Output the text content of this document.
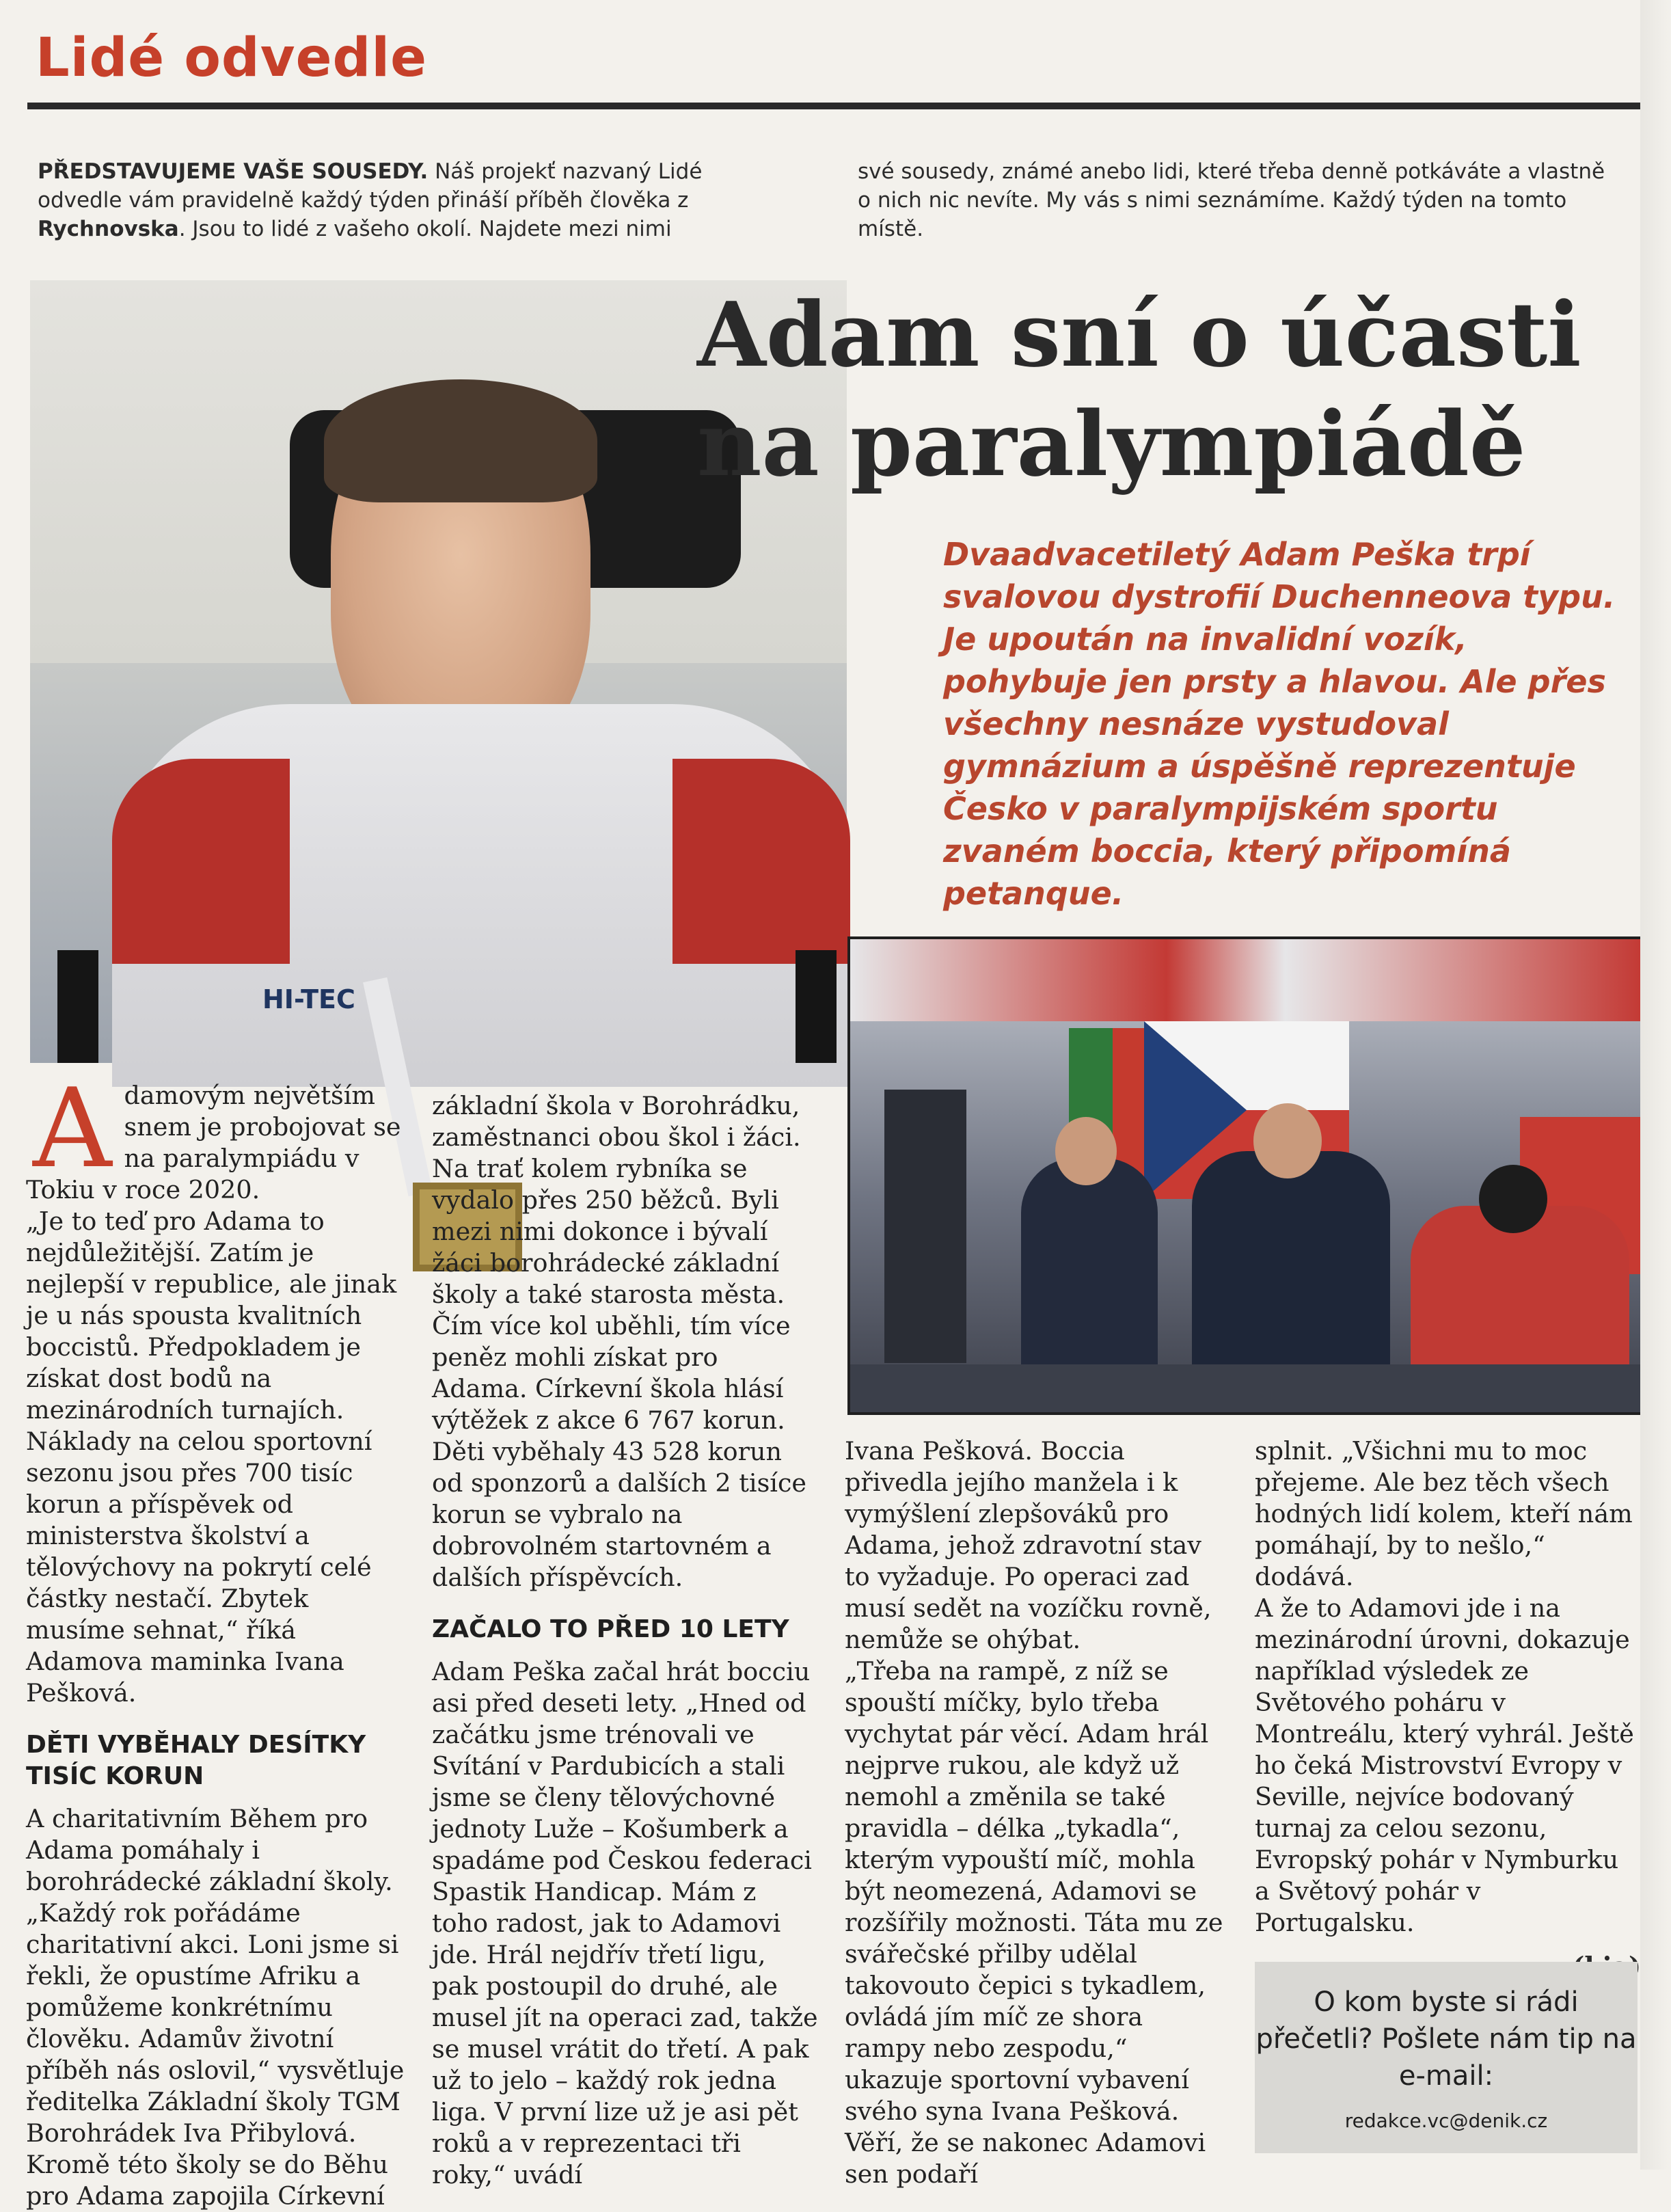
Lidé odvedle
PŘEDSTAVUJEME VAŠE SOUSEDY. Náš projekť nazvaný Lidé odvedle vám pravidelně každý týden přináší příběh člověka z Rychnovska. Jsou to lidé z vašeho okolí. Najdete mezi nimi
své sousedy, známé anebo lidi, které třeba denně potkáváte a vlastně o nich nic nevíte. My vás s nimi seznámíme. Každý týden na tomto místě.
HI-TEC
Adam sní o účasti na paralympiádě
Dvaadvacetiletý Adam Peška trpí svalovou dystrofií Duchenneova typu. Je upoután na invalidní vozík, pohybuje jen prsty a hlavou. Ale přes všechny nesnáze vystudoval gymnázium a úspěšně reprezentuje Česko v paralympijském sportu zvaném boccia, který připomíná petanque.

Adamovým největším snem je probojovat se na paralympiádu v Tokiu v roce 2020.

„Je to teď pro Adama to nejdůležitější. Zatím je nejlepší v republice, ale jinak je u nás spousta kvalitních boccistů. Předpokladem je získat dost bodů na mezinárodních turnajích. Náklady na celou sportovní sezonu jsou přes 700 tisíc korun a příspěvek od ministerstva školství a tělovýchovy na pokrytí celé částky nestačí. Zbytek musíme sehnat,“ říká Adamova maminka Ivana Pešková.

DĚTI VYBĚHALY DESÍTKY TISÍC KORUN

A charitativním Během pro Adama pomáhaly i borohrádecké základní školy. „Každý rok pořádáme charitativní akci. Loni jsme si řekli, že opustíme Afriku a pomůžeme konkrétnímu člověku. Adamův životní příběh nás oslovil,“ vysvětluje ředitelka Základní školy TGM Borohrádek Iva Přibylová.

Kromě této školy se do Běhu pro Adama zapojila Církevní

základní škola v Borohrádku, zaměstnanci obou škol i žáci. Na trať kolem rybníka se vydalo přes 250 běžců. Byli mezi nimi dokonce i bývalí žáci borohrádecké základní školy a také starosta města. Čím více kol uběhli, tím více peněz mohli získat pro Adama. Církevní škola hlásí výtěžek z akce 6 767 korun. Děti vyběhaly 43 528 korun od sponzorů a dalších 2 tisíce korun se vybralo na dobrovolném startovném a dalších příspěvcích.

ZAČALO TO PŘED 10 LETY

Adam Peška začal hrát bocciu asi před deseti lety. „Hned od začátku jsme trénovali ve Svítání v Pardubicích a stali jsme se členy tělovýchovné jednoty Luže – Košumberk a spadáme pod Českou federaci Spastik Handicap. Mám z toho radost, jak to Adamovi jde. Hrál nejdřív třetí ligu, pak postoupil do druhé, ale musel jít na operaci zad, takže se musel vrátit do třetí. A pak už to jelo – každý rok jedna liga. V první lize už je asi pět roků a v reprezentaci tři roky,“ uvádí

Ivana Pešková. Boccia přivedla jejího manžela i k vymýšlení zlepšováků pro Adama, jehož zdravotní stav to vyžaduje. Po operaci zad musí sedět na vozíčku rovně, nemůže se ohýbat.

„Třeba na rampě, z níž se spouští míčky, bylo třeba vychytat pár věcí. Adam hrál nejprve rukou, ale když už nemohl a změnila se také pravidla – délka „tykadla“, kterým vypouští míč, mohla být neomezená, Adamovi se rozšířily možnosti. Táta mu ze svářečské přilby udělal takovouto čepici s tykadlem, ovládá jím míč ze shora rampy nebo zespodu,“ ukazuje sportovní vybavení svého syna Ivana Pešková. Věří, že se nakonec Adamovi sen podaří

splnit. „Všichni mu to moc přejeme. Ale bez těch všech hodných lidí kolem, kteří nám pomáhají, by to nešlo,“ dodává.

A že to Adamovi jde i na mezinárodní úrovni, dokazuje například výsledek ze Světového poháru v Montreálu, který vyhrál. Ještě ho čeká Mistrovství Evropy v Seville, nejvíce bodovaný turnaj za celou sezonu, Evropský pohár v Nymburku a Světový pohár v Portugalsku.

O kom byste si rádi přečetli? Pošlete nám tip na e-mail:
redakce.vc@denik.cz
